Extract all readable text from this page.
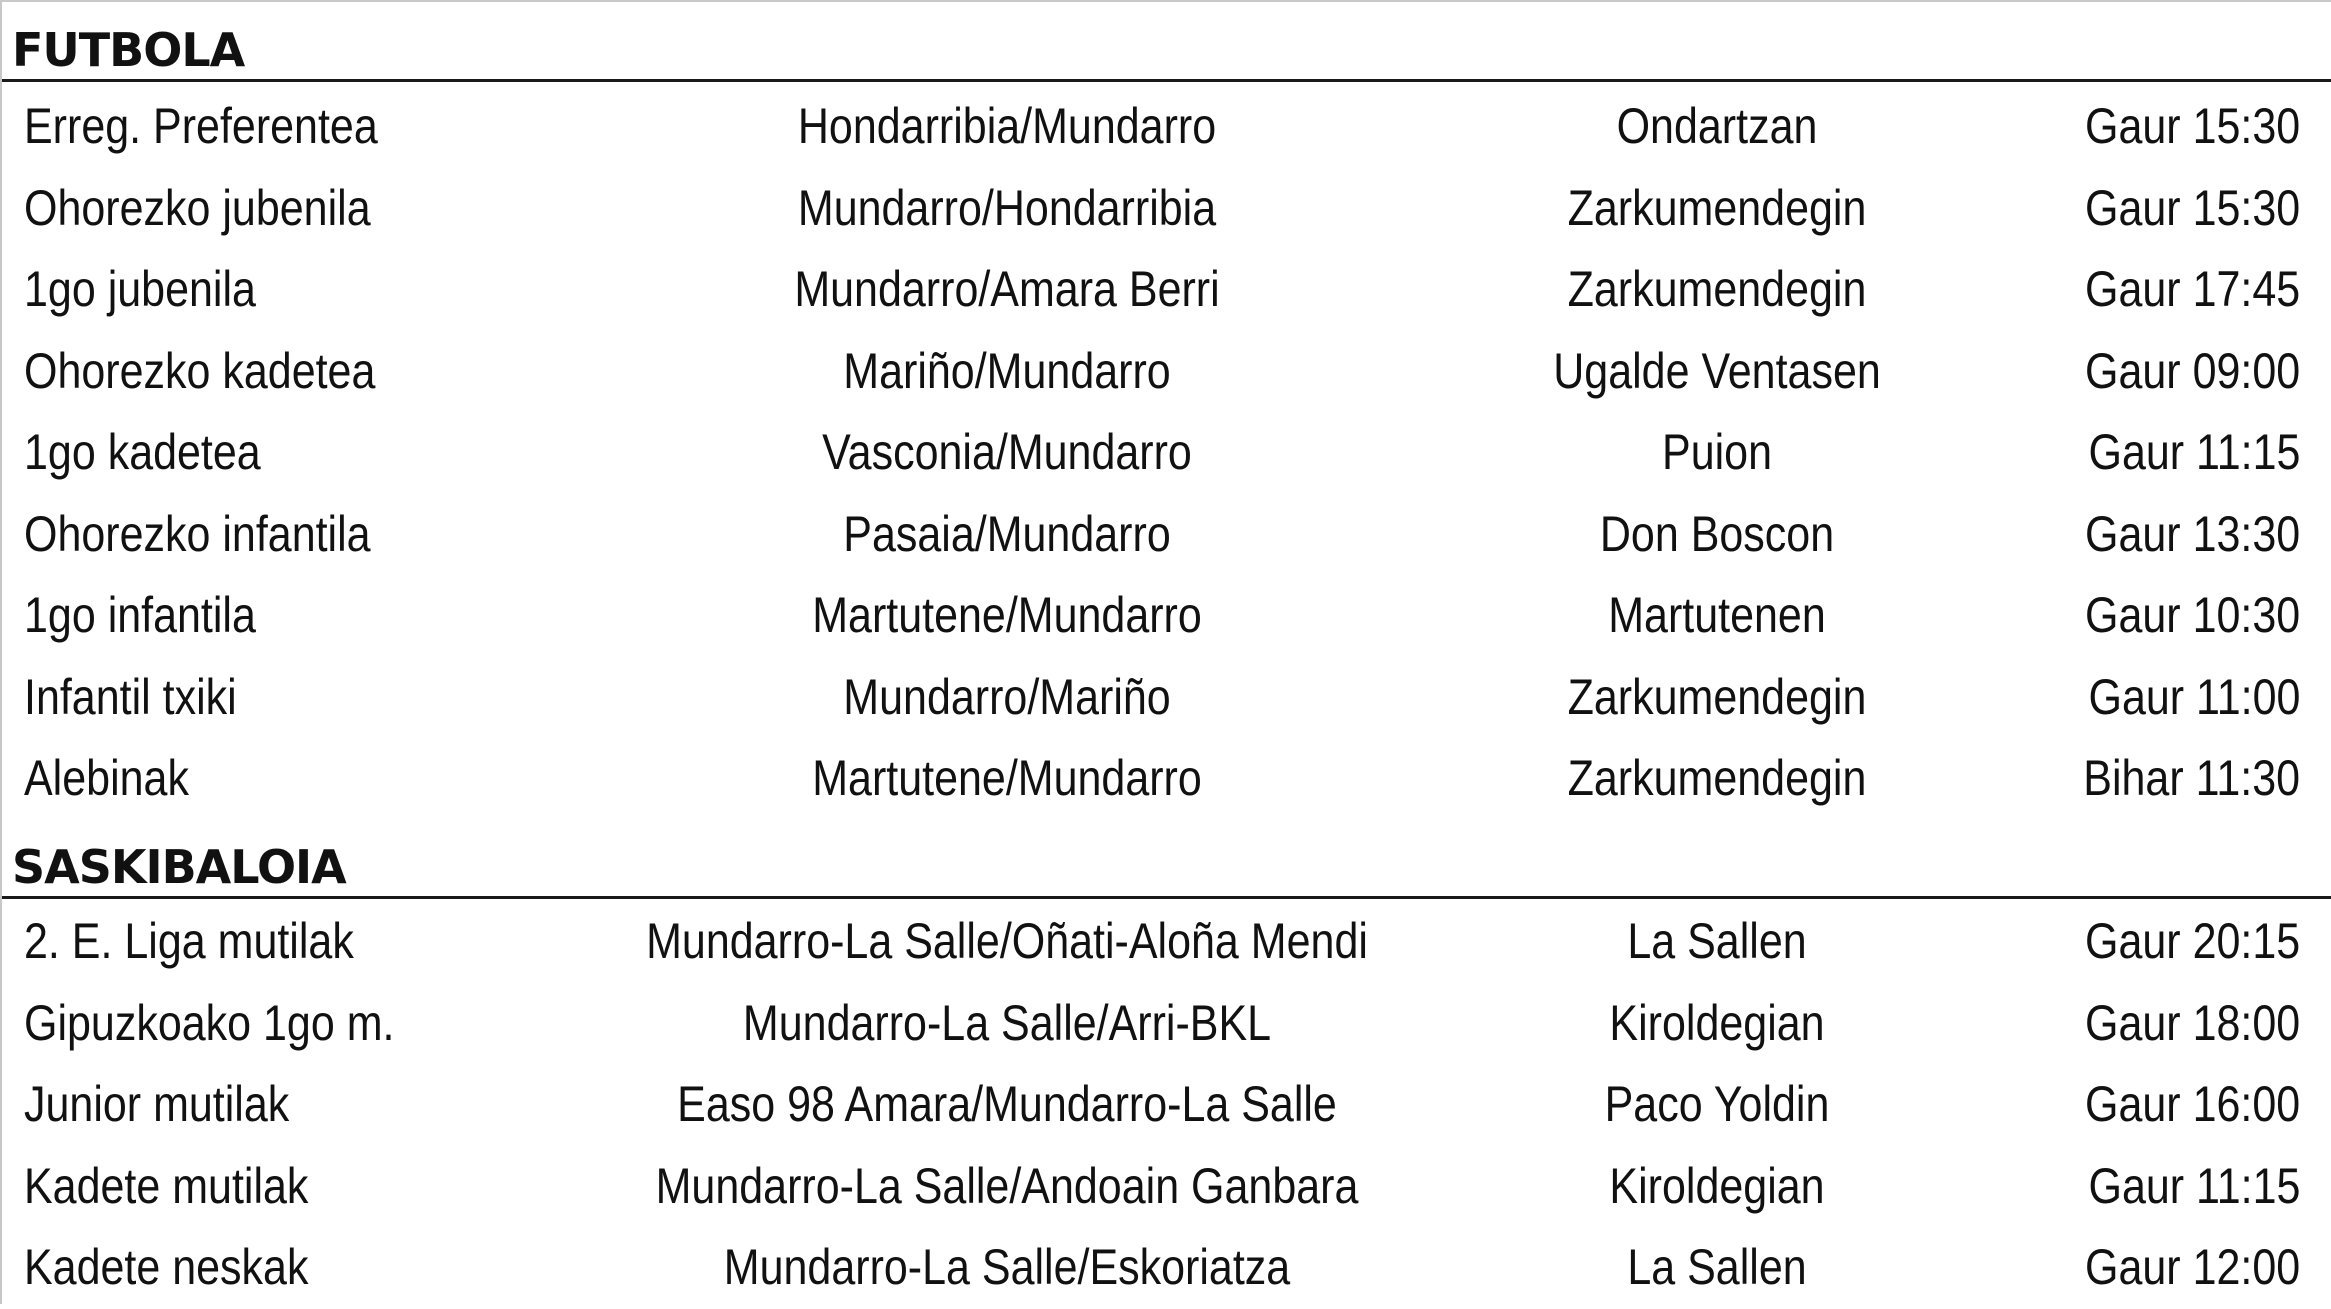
FUTBOLA
Erreg. Preferentea	Hondarribia/Mundarro	Ondartzan	Gaur 15:30
Ohorezko jubenila	Mundarro/Hondarribia	Zarkumendegin	Gaur 15:30
1go jubenila	Mundarro/Amara Berri	Zarkumendegin	Gaur 17:45
Ohorezko kadetea	Mariño/Mundarro	Ugalde Ventasen	Gaur 09:00
1go kadetea	Vasconia/Mundarro	Puion	Gaur 11:15
Ohorezko infantila	Pasaia/Mundarro	Don Boscon	Gaur 13:30
1go infantila	Martutene/Mundarro	Martutenen	Gaur 10:30
Infantil txiki	Mundarro/Mariño	Zarkumendegin	Gaur 11:00
Alebinak	Martutene/Mundarro	Zarkumendegin	Bihar 11:30
SASKIBALOIA
2. E. Liga mutilak	Mundarro-La Salle/Oñati-Aloña Mendi	La Sallen	Gaur 20:15
Gipuzkoako 1go m.	Mundarro-La Salle/Arri-BKL	Kiroldegian	Gaur 18:00
Junior mutilak	Easo 98 Amara/Mundarro-La Salle	Paco Yoldin	Gaur 16:00
Kadete mutilak	Mundarro-La Salle/Andoain Ganbara	Kiroldegian	Gaur 11:15
Kadete neskak	Mundarro-La Salle/Eskoriatza	La Sallen	Gaur 12:00
